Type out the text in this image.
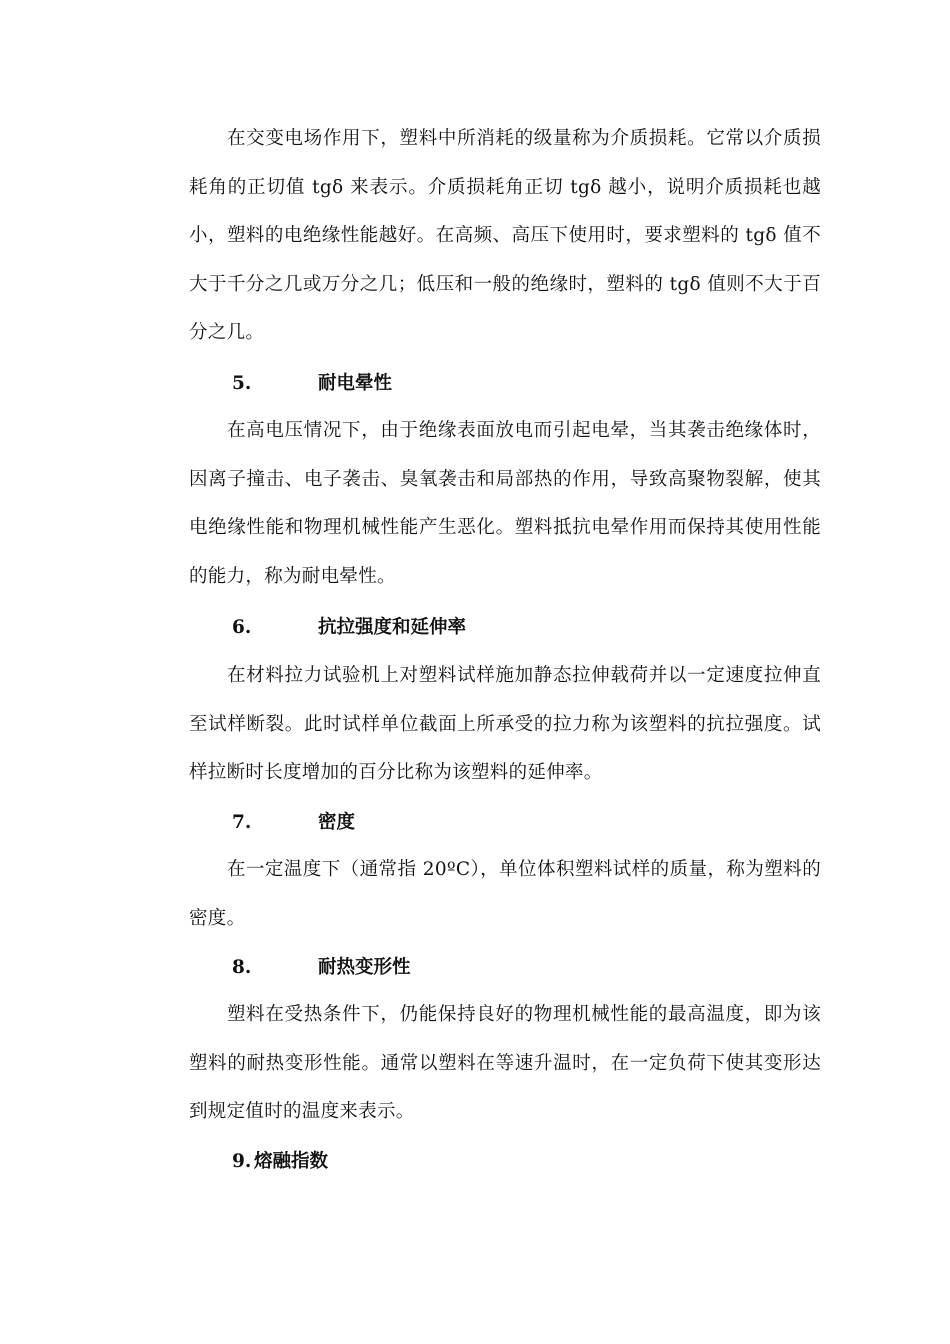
在交变电场作用下，塑料中所消耗的级量称为介质损耗。它常以介质损耗角的正切值 tgδ 来表示。介质损耗角正切 tgδ 越小，说明介质损耗也越小，塑料的电绝缘性能越好。在高频、高压下使用时，要求塑料的 tgδ 值不大于千分之几或万分之几；低压和一般的绝缘时，塑料的 tgδ 值则不大于百分之几。

5.	耐电晕性

在高电压情况下，由于绝缘表面放电而引起电晕，当其袭击绝缘体时，因离子撞击、电子袭击、臭氧袭击和局部热的作用，导致高聚物裂解，使其电绝缘性能和物理机械性能产生恶化。塑料抵抗电晕作用而保持其使用性能的能力，称为耐电晕性。

6.	抗拉强度和延伸率

在材料拉力试验机上对塑料试样施加静态拉伸载荷并以一定速度拉伸直至试样断裂。此时试样单位截面上所承受的拉力称为该塑料的抗拉强度。试样拉断时长度增加的百分比称为该塑料的延伸率。

7.	密度

在一定温度下（通常指 20ºC），单位体积塑料试样的质量，称为塑料的密度。

8.	耐热变形性

塑料在受热条件下，仍能保持良好的物理机械性能的最高温度，即为该塑料的耐热变形性能。通常以塑料在等速升温时，在一定负荷下使其变形达到规定值时的温度来表示。

9. 熔融指数
